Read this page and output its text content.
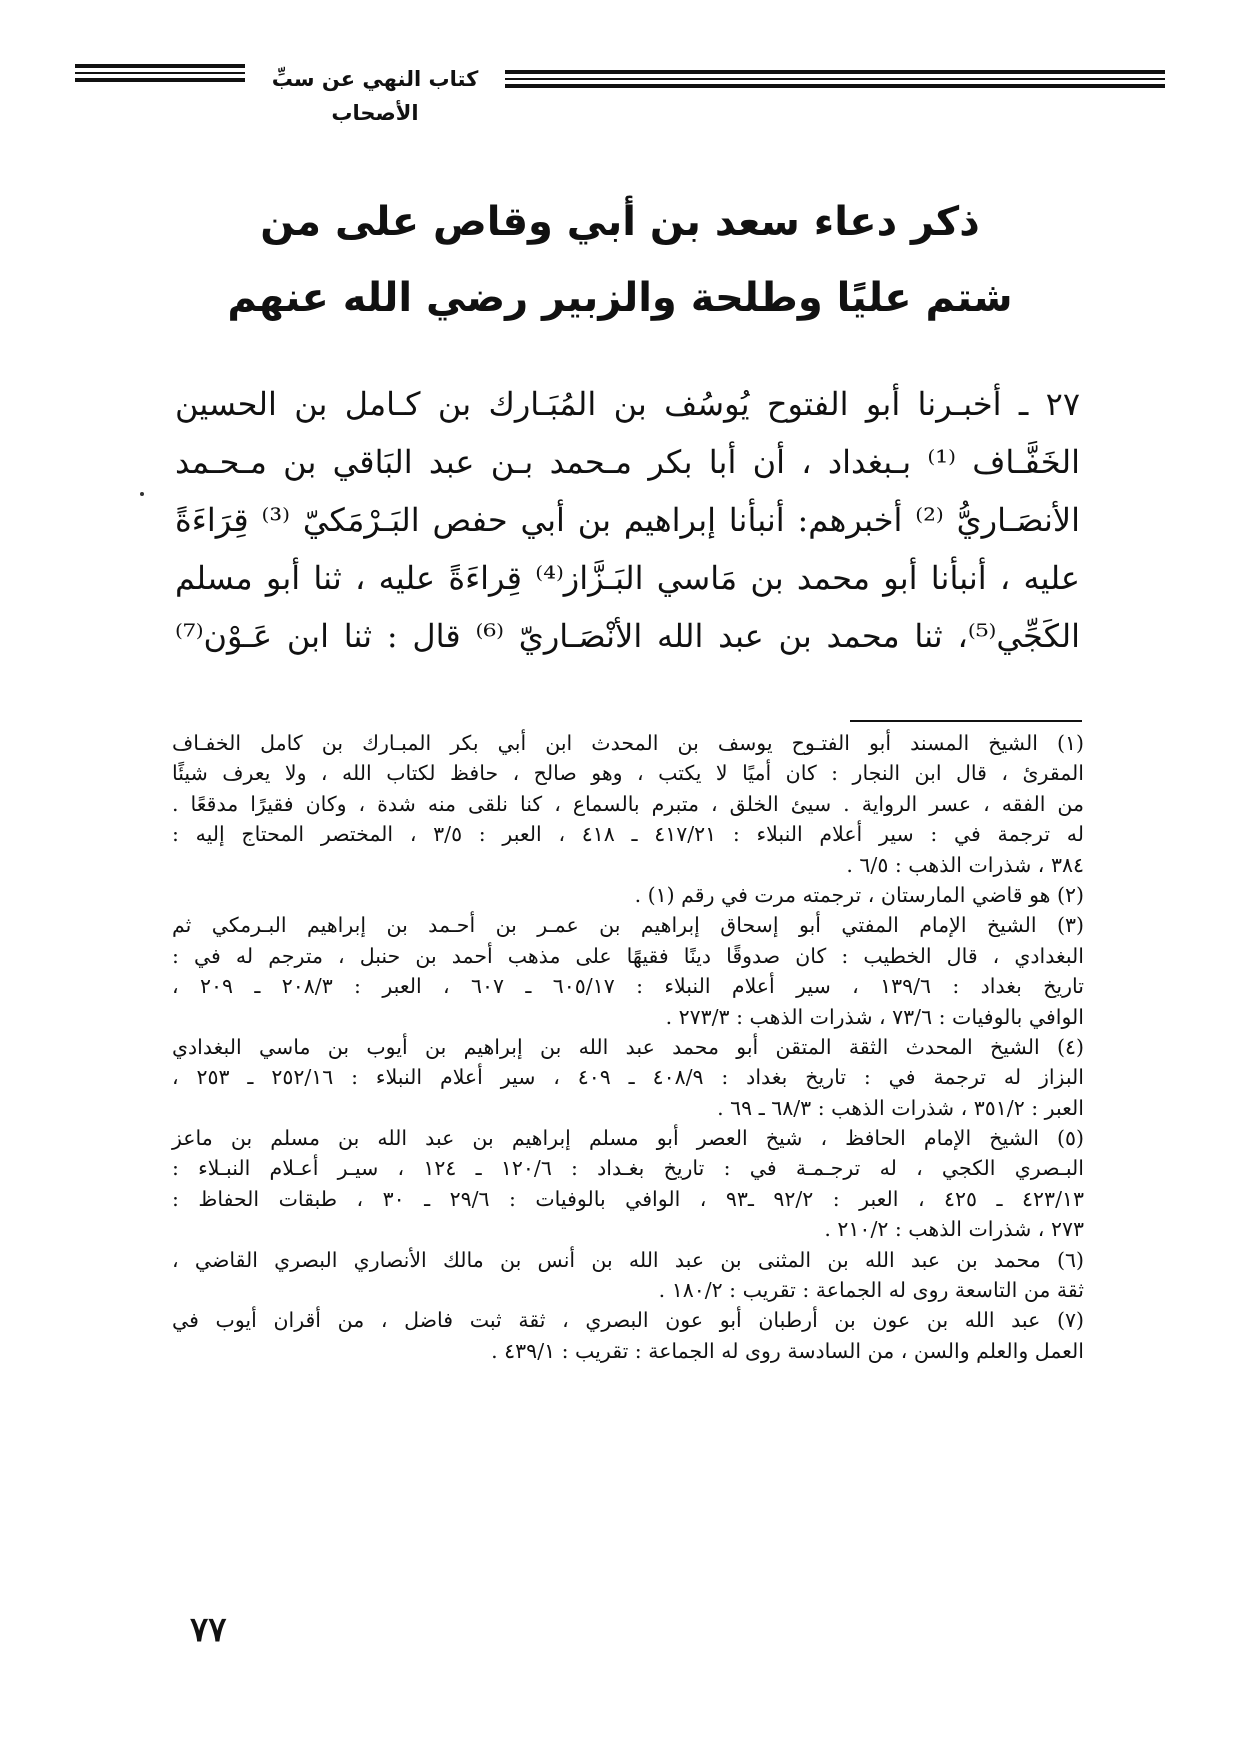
كتاب النهي عن سبِّ الأصحاب
ذكر دعاء سعد بن أبي وقاص على من
شتم عليًا وطلحة والزبير رضي الله عنهم
٢٧ ـ أخبـرنا أبو الفتوح يُوسُف بن المُبَـارك بن كـامل بن الحسين
الخَفَّـاف ⁽¹⁾ بـبغداد ، أن أبا بكر مـحمد بـن عبد البَاقي بن مـحـمد
الأنصَـاريُّ ⁽²⁾ أخبرهم: أنبأنا إبراهيم بن أبي حفص البَـرْمَكيّ ⁽³⁾ قِرَاءَةً
عليه ، أنبأنا أبو محمد بن مَاسي البَـزَّاز⁽⁴⁾ قِراءَةً عليه ، ثنا أبو مسلم
الكَجِّي⁽⁵⁾، ثنا محمد بن عبد الله الأنْصَـاريّ ⁽⁶⁾ قال : ثنا ابن عَـوْن⁽⁷⁾
(١) الشيخ المسند أبو الفتـوح يوسف بن المحدث ابن أبي بكر المبـارك بن كامل الخفـاف
المقرئ ، قال ابن النجار : كان أميًا لا يكتب ، وهو صالح ، حافظ لكتاب الله ، ولا يعرف شيئًا
من الفقه ، عسر الرواية . سيئ الخلق ، متبرم بالسماع ، كنا نلقى منه شدة ، وكان فقيرًا مدقعًا .
له ترجمة في : سير أعلام النبلاء : ٤١٧/٢١ ـ ٤١٨ ، العبر : ٣/٥ ، المختصر المحتاج إليه :
٣٨٤ ، شذرات الذهب : ٦/٥ .
(٢) هو قاضي المارستان ، ترجمته مرت في رقم (١) .
(٣) الشيخ الإمام المفتي أبو إسحاق إبراهيم بن عمـر بن أحـمد بن إبراهيم البـرمكي ثم
البغدادي ، قال الخطيب : كان صدوقًا دينًا فقيهًا على مذهب أحمد بن حنبل ، مترجم له في :
تاريخ بغداد : ١٣٩/٦ ، سير أعلام النبلاء : ٦٠٥/١٧ ـ ٦٠٧ ، العبر : ٢٠٨/٣ ـ ٢٠٩ ،
الوافي بالوفيات : ٧٣/٦ ، شذرات الذهب : ٢٧٣/٣ .
(٤) الشيخ المحدث الثقة المتقن أبو محمد عبد الله بن إبراهيم بن أيوب بن ماسي البغدادي
البزاز له ترجمة في : تاريخ بغداد : ٤٠٨/٩ ـ ٤٠٩ ، سير أعلام النبلاء : ٢٥٢/١٦ ـ ٢٥٣ ،
العبر : ٣٥١/٢ ، شذرات الذهب : ٦٨/٣ ـ ٦٩ .
(٥) الشيخ الإمام الحافظ ، شيخ العصر أبو مسلم إبراهيم بن عبد الله بن مسلم بن ماعز
البـصري الكجي ، له ترجـمـة في : تاريخ بغـداد : ١٢٠/٦ ـ ١٢٤ ، سيـر أعـلام النبـلاء :
٤٢٣/١٣ ـ ٤٢٥ ، العبر : ٩٢/٢ ـ٩٣ ، الوافي بالوفيات : ٢٩/٦ ـ ٣٠ ، طبقات الحفاظ :
٢٧٣ ، شذرات الذهب : ٢١٠/٢ .
(٦) محمد بن عبد الله بن المثنى بن عبد الله بن أنس بن مالك الأنصاري البصري القاضي ،
ثقة من التاسعة روى له الجماعة : تقريب : ١٨٠/٢ .
(٧) عبد الله بن عون بن أرطبان أبو عون البصري ، ثقة ثبت فاضل ، من أقران أيوب في
العمل والعلم والسن ، من السادسة روى له الجماعة : تقريب : ٤٣٩/١ .
٧٧
